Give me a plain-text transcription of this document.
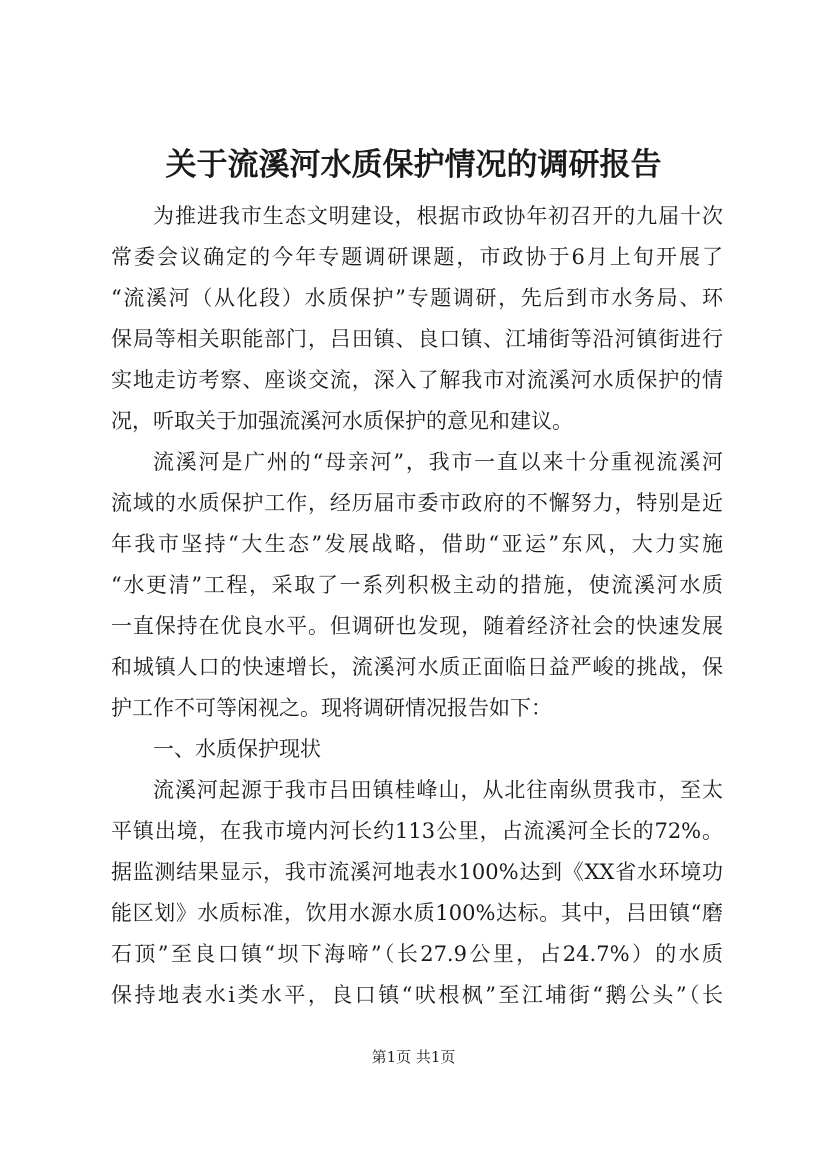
关于流溪河水质保护情况的调研报告
为推进我市生态文明建设，根据市政协年初召开的九届十次
常委会议确定的今年专题调研课题，市政协于6月上旬开展了
“流溪河（从化段）水质保护”专题调研，先后到市水务局、环
保局等相关职能部门，吕田镇、良口镇、江埔街等沿河镇街进行
实地走访考察、座谈交流，深入了解我市对流溪河水质保护的情
况，听取关于加强流溪河水质保护的意见和建议。
流溪河是广州的“母亲河”，我市一直以来十分重视流溪河
流域的水质保护工作，经历届市委市政府的不懈努力，特别是近
年我市坚持“大生态”发展战略，借助“亚运”东风，大力实施
“水更清”工程，采取了一系列积极主动的措施，使流溪河水质
一直保持在优良水平。但调研也发现，随着经济社会的快速发展
和城镇人口的快速增长，流溪河水质正面临日益严峻的挑战，保
护工作不可等闲视之。现将调研情况报告如下：
一、水质保护现状
流溪河起源于我市吕田镇桂峰山，从北往南纵贯我市，至太
平镇出境，在我市境内河长约113公里，占流溪河全长的72%。
据监测结果显示，我市流溪河地表水100%达到《XX省水环境功
能区划》水质标准，饮用水源水质100%达标。其中，吕田镇“磨
石顶”至良口镇“坝下海啼”（长27.9公里，占24.7%）的水质
保持地表水ⅰ类水平，良口镇“吠根枫”至江埔街“鹅公头”（长
第1页 共1页
